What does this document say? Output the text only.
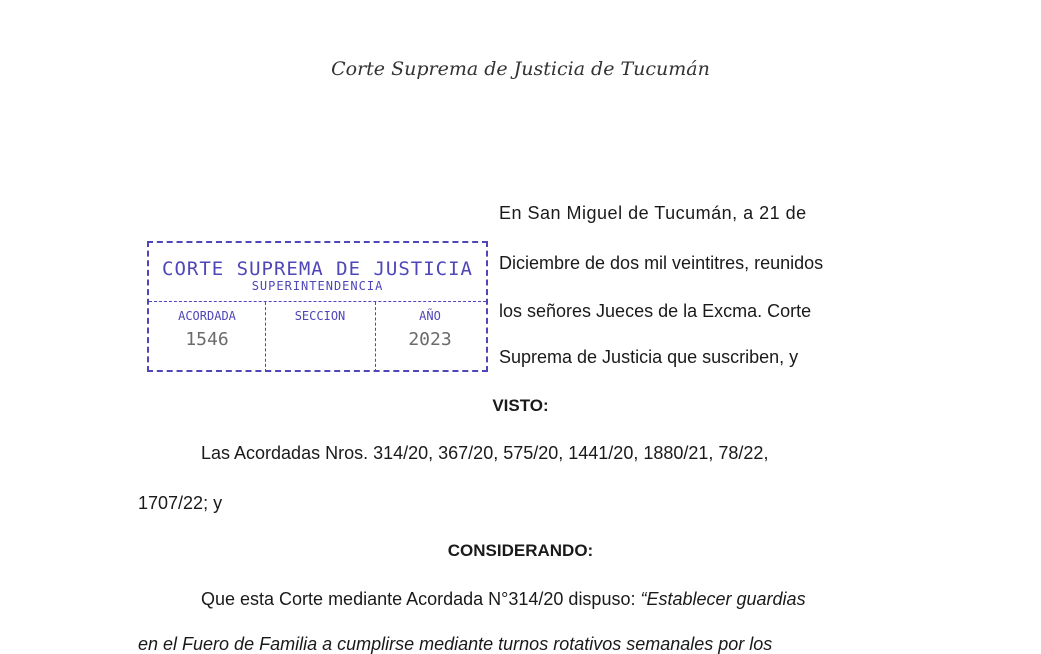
Corte Suprema de Justicia de Tucumán
CORTE SUPREMA DE JUSTICIA
SUPERINTENDENCIA
ACORDADA
1546
SECCION	AÑO
2023
En San Miguel de Tucumán, a 21 de
Diciembre de dos mil veintitres, reunidos
los señores Jueces de la Excma. Corte
Suprema de Justicia que suscriben, y
VISTO:
Las Acordadas Nros. 314/20, 367/20, 575/20, 1441/20, 1880/21, 78/22,
1707/22; y
CONSIDERANDO:
Que esta Corte mediante Acordada N°314/20 dispuso: “Establecer guardias
en el Fuero de Familia a cumplirse mediante turnos rotativos semanales por los
